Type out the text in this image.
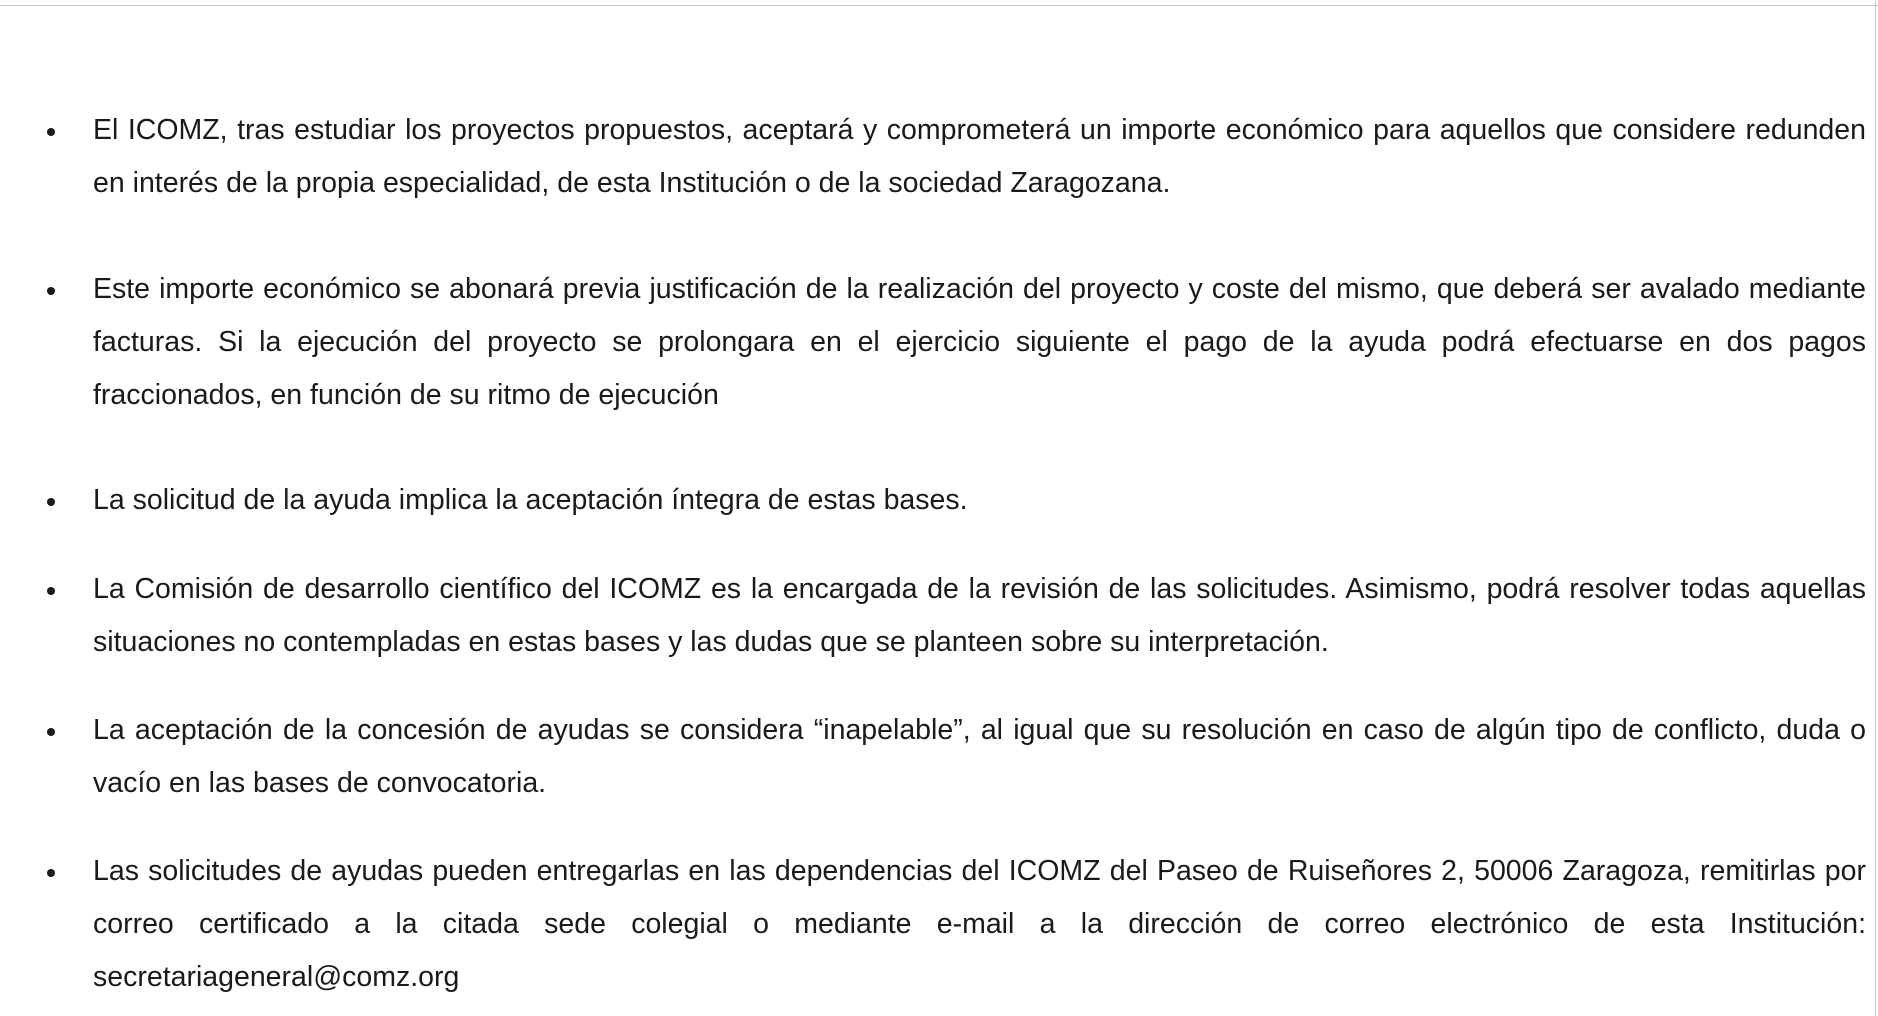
El ICOMZ, tras estudiar los proyectos propuestos, aceptará y comprometerá un importe económico para aquellos que considere redunden en interés de la propia especialidad, de esta Institución o de la sociedad Zaragozana.

Este importe económico se abonará previa justificación de la realización del proyecto y coste del mismo, que deberá ser avalado mediante facturas. Si la ejecución del proyecto se prolongara en el ejercicio siguiente el pago de la ayuda podrá efectuarse en dos pagos fraccionados, en función de su ritmo de ejecución

La solicitud de la ayuda implica la aceptación íntegra de estas bases.

La Comisión de desarrollo científico del ICOMZ es la encargada de la revisión de las solicitudes. Asimismo, podrá resolver todas aquellas situaciones no contempladas en estas bases y las dudas que se planteen sobre su interpretación.

La aceptación de la concesión de ayudas se considera “inapelable”, al igual que su resolución en caso de algún tipo de conflicto, duda o vacío en las bases de convocatoria.

Las solicitudes de ayudas pueden entregarlas en las dependencias del ICOMZ del Paseo de Ruiseñores 2, 50006 Zaragoza, remitirlas por correo certificado a la citada sede colegial o mediante e-mail a la dirección de correo electrónico de esta Institución: secretariageneral@comz.org
